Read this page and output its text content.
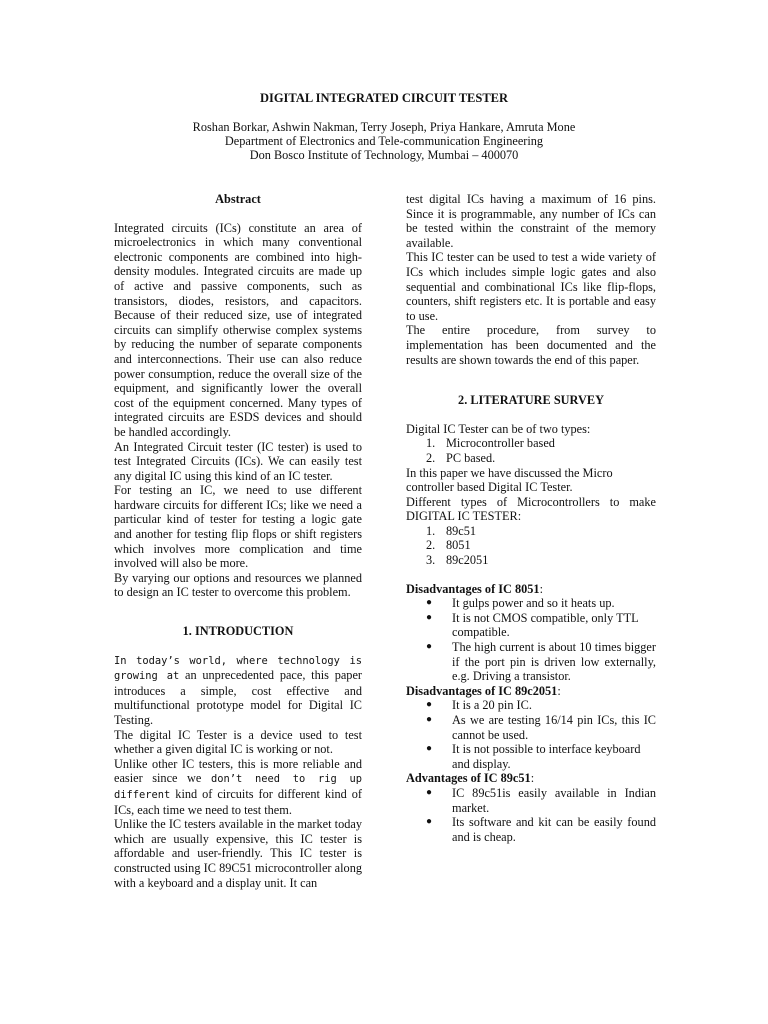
DIGITAL INTEGRATED CIRCUIT TESTER
Roshan Borkar, Ashwin Nakman, Terry Joseph, Priya Hankare, Amruta Mone
Department of Electronics and Tele-communication Engineering
Don Bosco Institute of Technology, Mumbai – 400070
Abstract

Integrated circuits (ICs) constitute an area of microelectronics in which many conventional electronic components are combined into high-density modules. Integrated circuits are made up of active and passive components, such as transistors, diodes, resistors, and capacitors. Because of their reduced size, use of integrated circuits can simplify otherwise complex systems by reducing the number of separate components and interconnections. Their use can also reduce power consumption, reduce the overall size of the equipment, and significantly lower the overall cost of the equipment concerned. Many types of integrated circuits are ESDS devices and should be handled accordingly.

An Integrated Circuit tester (IC tester) is used to test Integrated Circuits (ICs). We can easily test any digital IC using this kind of an IC tester.

For testing an IC, we need to use different hardware circuits for different ICs; like we need a particular kind of tester for testing a logic gate and another for testing flip flops or shift registers which involves more complication and time involved will also be more.

By varying our options and resources we planned to design an IC tester to overcome this problem.

1. INTRODUCTION

In today’s world, where technology is growing at an unprecedented pace, this paper introduces a simple, cost effective and multifunctional prototype model for Digital IC Testing.

The digital IC Tester is a device used to test whether a given digital IC is working or not.

Unlike other IC testers, this is more reliable and easier since we don’t need to rig up different kind of circuits for different kind of ICs, each time we need to test them.

Unlike the IC testers available in the market today which are usually expensive, this IC tester is affordable and user-friendly. This IC tester is constructed using IC 89C51 microcontroller along with a keyboard and a display unit. It can

test digital ICs having a maximum of 16 pins. Since it is programmable, any number of ICs can be tested within the constraint of the memory available.

This IC tester can be used to test a wide variety of ICs which includes simple logic gates and also sequential and combinational ICs like flip-flops, counters, shift registers etc. It is portable and easy to use.

The entire procedure, from survey to implementation has been documented and the results are shown towards the end of this paper.

2. LITERATURE SURVEY

Digital IC Tester can be of two types:

1. Microcontroller based
2. PC based.

In this paper we have discussed the Micro controller based Digital IC Tester.

Different types of Microcontrollers to make DIGITAL IC TESTER:

1. 89c51
2. 8051
3. 89c2051
Disadvantages of IC 8051:
●	It gulps power and so it heats up.
●	It is not CMOS compatible, only TTL compatible.
●	The high current is about 10 times bigger if the port pin is driven low externally, e.g. Driving a transistor.
Disadvantages of IC 89c2051:
●	It is a 20 pin IC.
●	As we are testing 16/14 pin ICs, this IC cannot be used.
●	It is not possible to interface keyboard and display.
Advantages of IC 89c51:
●	IC 89c51is easily available in Indian market.
●	Its software and kit can be easily found and is cheap.
